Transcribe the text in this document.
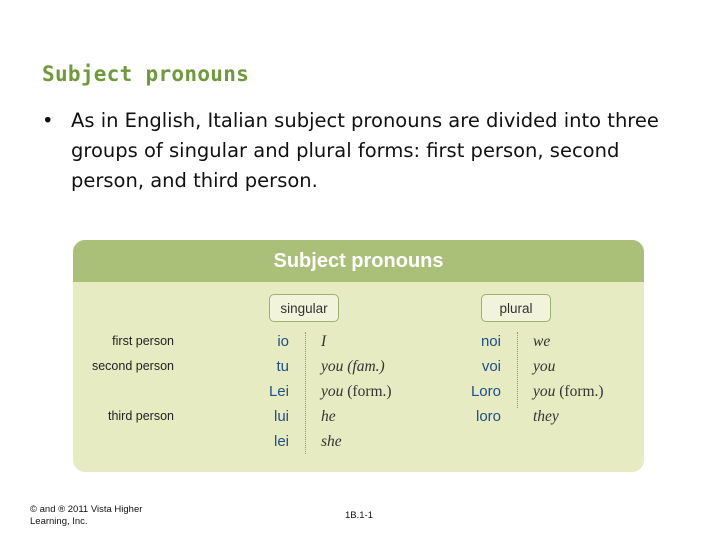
Subject pronouns
• As in English, Italian subject pronouns are divided into three groups of singular and plural forms: first person, second person, and third person.
Subject pronouns
singular	plural
first person	io I	noi we
second person	tu you (fam.)	voi you
Lei you (form.)	Loro you (form.)
third person	lui he	loro they
lei she
© and ® 2011 Vista Higher Learning, Inc.
1B.1-1
